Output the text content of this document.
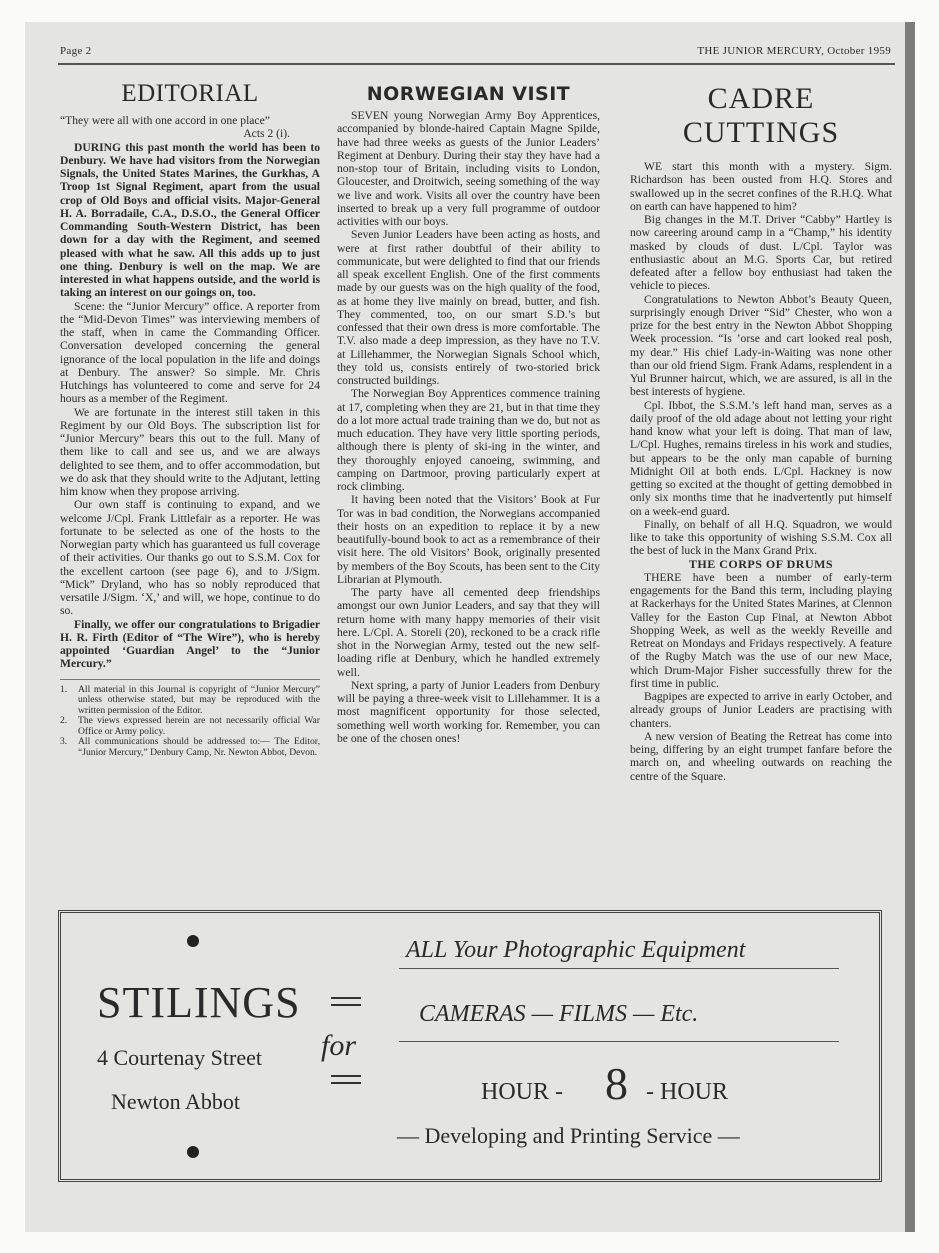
Page 2	THE JUNIOR MERCURY, October 1959
EDITORIAL

“They were all with one accord in one place”

Acts 2 (i).

DURING this past month the world has been to Denbury. We have had visitors from the Norwegian Signals, the United States Marines, the Gurkhas, A Troop 1st Signal Regiment, apart from the usual crop of Old Boys and official visits. Major-General H. A. Borradaile, C.A., D.S.O., the General Officer Commanding South-Western District, has been down for a day with the Regiment, and seemed pleased with what he saw. All this adds up to just one thing. Denbury is well on the map. We are interested in what happens outside, and the world is taking an interest on our goings on, too.

Scene: the “Junior Mercury” office. A reporter from the “Mid-Devon Times” was interviewing members of the staff, when in came the Commanding Officer. Conversation developed concerning the general ignorance of the local population in the life and doings at Denbury. The answer? So simple. Mr. Chris Hutchings has volunteered to come and serve for 24 hours as a member of the Regiment.

We are fortunate in the interest still taken in this Regiment by our Old Boys. The subscription list for “Junior Mercury” bears this out to the full. Many of them like to call and see us, and we are always delighted to see them, and to offer accommodation, but we do ask that they should write to the Adjutant, letting him know when they propose arriving.

Our own staff is continuing to expand, and we welcome J/Cpl. Frank Littlefair as a reporter. He was fortunate to be selected as one of the hosts to the Norwegian party which has guaranteed us full coverage of their activities. Our thanks go out to S.S.M. Cox for the excellent cartoon (see page 6), and to J/Sigm. “Mick” Dryland, who has so nobly reproduced that versatile J/Sigm. ‘X,’ and will, we hope, continue to do so.

Finally, we offer our congratulations to Brigadier H. R. Firth (Editor of “The Wire”), who is hereby appointed ‘Guardian Angel’ to the “Junior Mercury.”

1.	All material in this Journal is copyright of “Junior Mercury” unless otherwise stated, but may be reproduced with the written permission of the Editor.
2.	The views expressed herein are not necessarily official War Office or Army policy.
3.	All communications should be addressed to:— The Editor, “Junior Mercury,” Denbury Camp, Nr. Newton Abbot, Devon.
NORWEGIAN VISIT

SEVEN young Norwegian Army Boy Apprentices, accompanied by blonde-haired Captain Magne Spilde, have had three weeks as guests of the Junior Leaders’ Regiment at Denbury. During their stay they have had a non-stop tour of Britain, including visits to London, Gloucester, and Droitwich, seeing something of the way we live and work. Visits all over the country have been inserted to break up a very full programme of outdoor activities with our boys.

Seven Junior Leaders have been acting as hosts, and were at first rather doubtful of their ability to communicate, but were delighted to find that our friends all speak excellent English. One of the first comments made by our guests was on the high quality of the food, as at home they live mainly on bread, butter, and fish. They commented, too, on our smart S.D.’s but confessed that their own dress is more comfortable. The T.V. also made a deep impression, as they have no T.V. at Lillehammer, the Norwegian Signals School which, they told us, consists entirely of two-storied brick constructed buildings.

The Norwegian Boy Apprentices commence training at 17, completing when they are 21, but in that time they do a lot more actual trade training than we do, but not as much education. They have very little sporting periods, although there is plenty of ski-ing in the winter, and they thoroughly enjoyed canoeing, swimming, and camping on Dartmoor, proving particularly expert at rock climbing.

It having been noted that the Visitors’ Book at Fur Tor was in bad condition, the Norwegians accompanied their hosts on an expedition to replace it by a new beautifully-bound book to act as a remembrance of their visit here. The old Visitors’ Book, originally presented by members of the Boy Scouts, has been sent to the City Librarian at Plymouth.

The party have all cemented deep friendships amongst our own Junior Leaders, and say that they will return home with many happy memories of their visit here. L/Cpl. A. Storeli (20), reckoned to be a crack rifle shot in the Norwegian Army, tested out the new self-loading rifle at Denbury, which he handled extremely well.

Next spring, a party of Junior Leaders from Denbury will be paying a three-week visit to Lillehammer. It is a most magnificent opportunity for those selected, something well worth working for. Remember, you can be one of the chosen ones!

CADRE CUTTINGS

WE start this month with a mystery. Sigm. Richardson has been ousted from H.Q. Stores and swallowed up in the secret confines of the R.H.Q. What on earth can have happened to him?

Big changes in the M.T. Driver “Cabby” Hartley is now careering around camp in a “Champ,” his identity masked by clouds of dust. L/Cpl. Taylor was enthusiastic about an M.G. Sports Car, but retired defeated after a fellow boy enthusiast had taken the vehicle to pieces.

Congratulations to Newton Abbot’s Beauty Queen, surprisingly enough Driver “Sid” Chester, who won a prize for the best entry in the Newton Abbot Shopping Week procession. “Is ’orse and cart looked real posh, my dear.” His chief Lady-in-Waiting was none other than our old friend Sigm. Frank Adams, resplendent in a Yul Brunner haircut, which, we are assured, is all in the best interests of hygiene.

Cpl. Ibbot, the S.S.M.’s left hand man, serves as a daily proof of the old adage about not letting your right hand know what your left is doing. That man of law, L/Cpl. Hughes, remains tireless in his work and studies, but appears to be the only man capable of burning Midnight Oil at both ends. L/Cpl. Hackney is now getting so excited at the thought of getting demobbed in only six months time that he inadvertently put himself on a week-end guard.

Finally, on behalf of all H.Q. Squadron, we would like to take this opportunity of wishing S.S.M. Cox all the best of luck in the Manx Grand Prix.

THE CORPS OF DRUMS

THERE have been a number of early-term engagements for the Band this term, including playing at Rackerhays for the United States Marines, at Clennon Valley for the Easton Cup Final, at Newton Abbot Shopping Week, as well as the weekly Reveille and Retreat on Mondays and Fridays respectively. A feature of the Rugby Match was the use of our new Mace, which Drum-Major Fisher successfully threw for the first time in public.

Bagpipes are expected to arrive in early October, and already groups of Junior Leaders are practising with chanters.

A new version of Beating the Retreat has come into being, differing by an eight trumpet fanfare before the march on, and wheeling outwards on reaching the centre of the Square.

STILINGS
4 Courtenay Street
Newton Abbot
for
ALL Your Photographic Equipment
CAMERAS — FILMS — Etc.
HOUR - 8 - HOUR
— Developing and Printing Service —
